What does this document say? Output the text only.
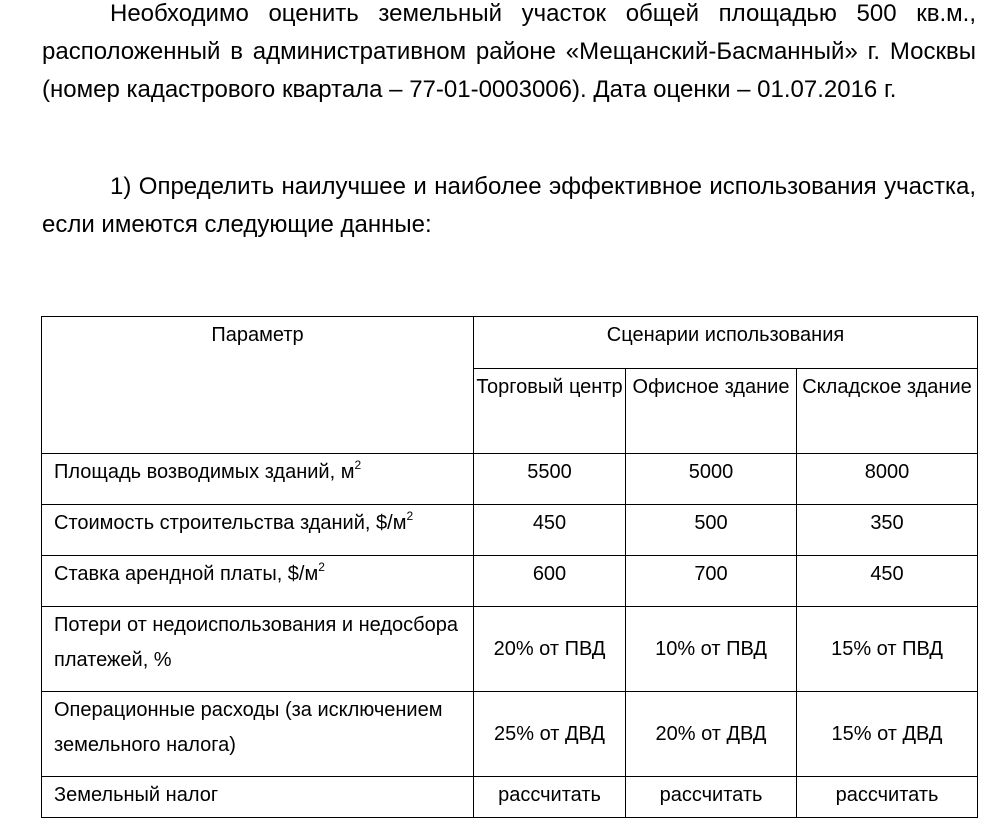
Необходимо оценить земельный участок общей площадью 500 кв.м., расположенный в административном районе «Мещанский-Басманный» г. Москвы (номер кадастрового квартала – 77-01-0003006). Дата оценки – 01.07.2016 г.

1) Определить наилучшее и наиболее эффективное использования участка, если имеются следующие данные:

Параметр	Сценарии использования		

	Торговый центр	Офисное здание	Складское здание

Площадь возводимых зданий, $м^2$	5500	5000	8000

Стоимость строительства зданий, $\$/м^2$	450	500	350

Ставка арендной платы, $\$/м^2$	600	700	450

Потери от недоиспользования и недосбора платежей, %	20% от ПВД	10% от ПВД	15% от ПВД

Операционные расходы (за исключением земельного налога)	25% от ДВД	20% от ДВД	15% от ДВД

Земельный налог	рассчитать	рассчитать	рассчитать
